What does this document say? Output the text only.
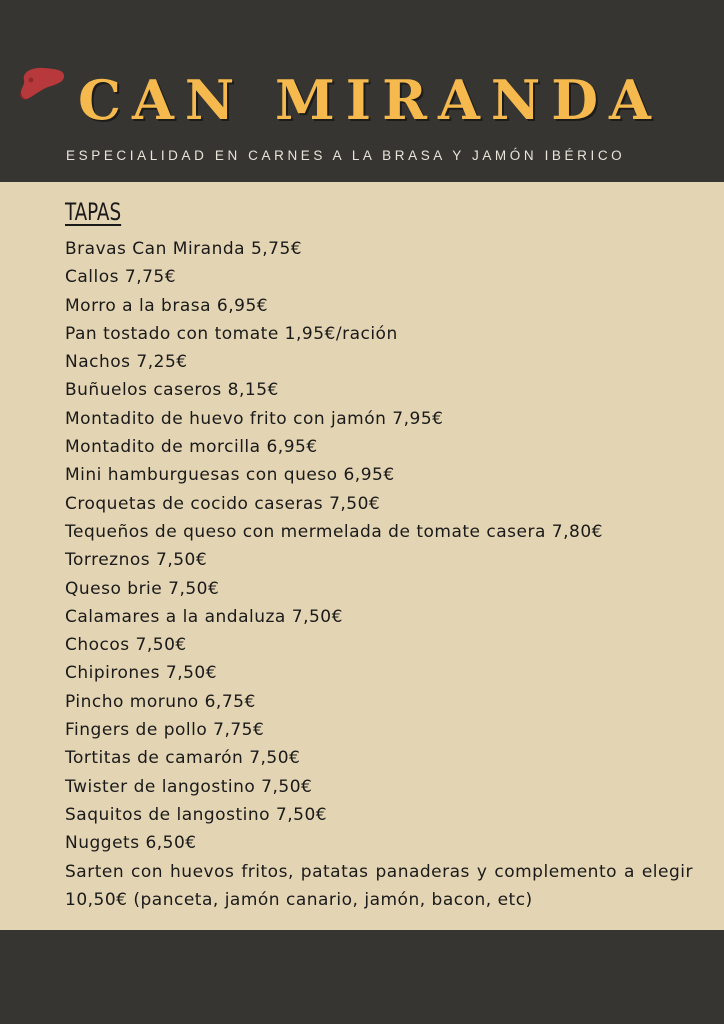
CAN MIRANDA
ESPECIALIDAD EN CARNES A LA BRASA Y JAMÓN IBÉRICO
TAPAS
Bravas Can Miranda 5,75€
Callos 7,75€
Morro a la brasa 6,95€
Pan tostado con tomate 1,95€/ración
Nachos 7,25€
Buñuelos caseros 8,15€
Montadito de huevo frito con jamón 7,95€
Montadito de morcilla 6,95€
Mini hamburguesas con queso 6,95€
Croquetas de cocido caseras 7,50€
Tequeños de queso con mermelada de tomate casera 7,80€
Torreznos 7,50€
Queso brie 7,50€
Calamares a la andaluza 7,50€
Chocos 7,50€
Chipirones 7,50€
Pincho moruno 6,75€
Fingers de pollo 7,75€
Tortitas de camarón 7,50€
Twister de langostino 7,50€
Saquitos de langostino 7,50€
Nuggets 6,50€
Sarten con huevos fritos, patatas panaderas y complemento a elegir 10,50€ (panceta, jamón canario, jamón, bacon, etc)
